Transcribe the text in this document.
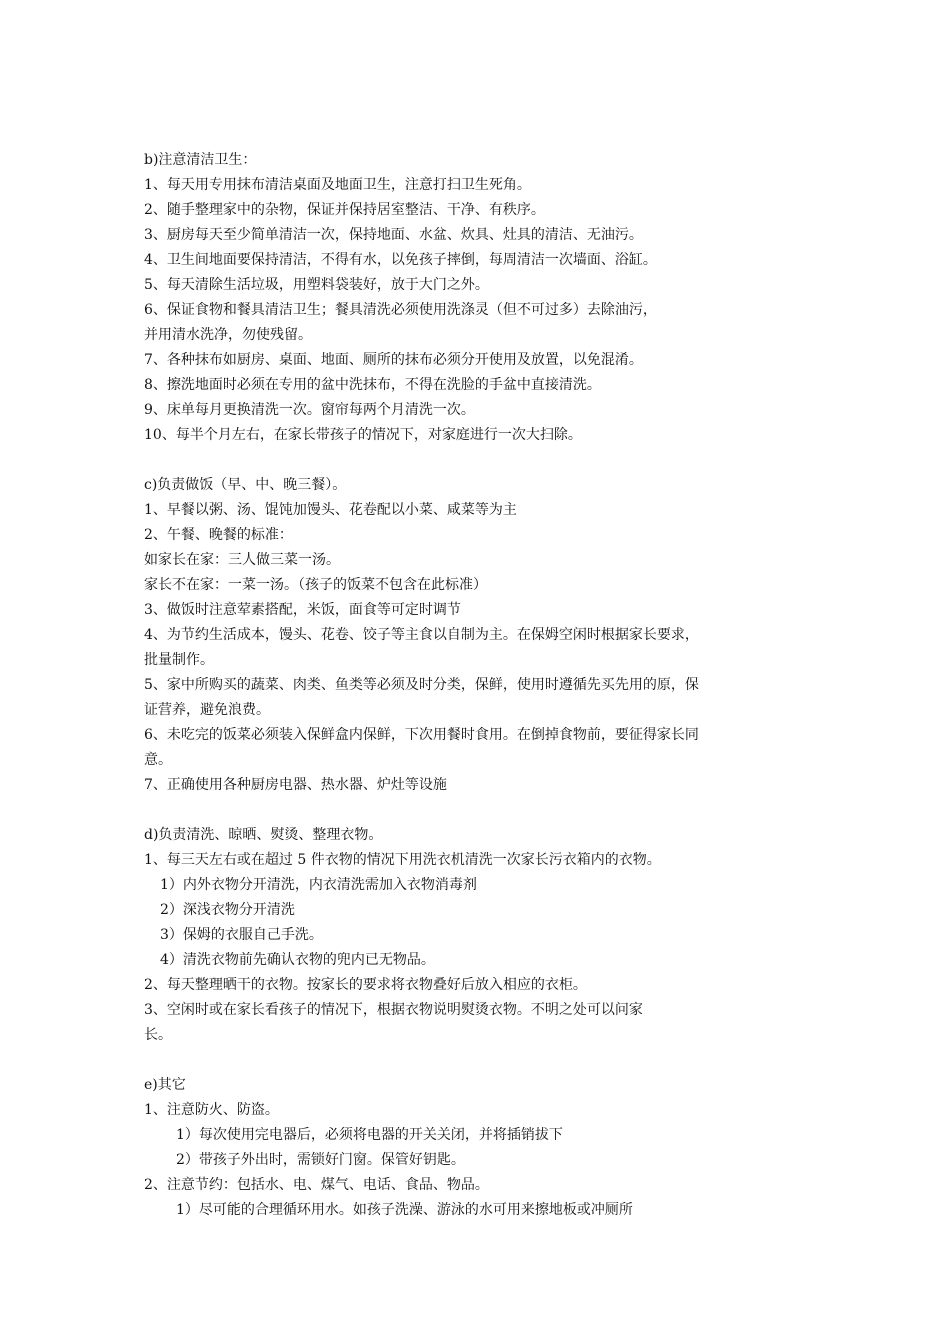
b)注意清洁卫生：
1、每天用专用抹布清洁桌面及地面卫生，注意打扫卫生死角。
2、随手整理家中的杂物，保证并保持居室整洁、干净、有秩序。
3、厨房每天至少简单清洁一次，保持地面、水盆、炊具、灶具的清洁、无油污。
4、卫生间地面要保持清洁，不得有水，以免孩子摔倒，每周清洁一次墙面、浴缸。
5、每天清除生活垃圾，用塑料袋装好，放于大门之外。
6、保证食物和餐具清洁卫生；餐具清洗必须使用洗涤灵（但不可过多）去除油污，
并用清水洗净，勿使残留。
7、各种抹布如厨房、桌面、地面、厕所的抹布必须分开使用及放置，以免混淆。
8、擦洗地面时必须在专用的盆中洗抹布，不得在洗脸的手盆中直接清洗。
9、床单每月更换清洗一次。窗帘每两个月清洗一次。
10、每半个月左右，在家长带孩子的情况下，对家庭进行一次大扫除。
c)负责做饭（早、中、晚三餐）。
1、早餐以粥、汤、馄饨加馒头、花卷配以小菜、咸菜等为主
2、午餐、晚餐的标准：
如家长在家：三人做三菜一汤。
家长不在家：一菜一汤。（孩子的饭菜不包含在此标准）
3、做饭时注意荤素搭配，米饭，面食等可定时调节
4、为节约生活成本，馒头、花卷、饺子等主食以自制为主。在保姆空闲时根据家长要求，
批量制作。
5、家中所购买的蔬菜、肉类、鱼类等必须及时分类，保鲜，使用时遵循先买先用的原，保
证营养，避免浪费。
6、未吃完的饭菜必须装入保鲜盒内保鲜，下次用餐时食用。在倒掉食物前，要征得家长同
意。
7、正确使用各种厨房电器、热水器、炉灶等设施
d)负责清洗、晾晒、熨烫、整理衣物。
1、每三天左右或在超过 5 件衣物的情况下用洗衣机清洗一次家长污衣箱内的衣物。
1）内外衣物分开清洗，内衣清洗需加入衣物消毒剂
2）深浅衣物分开清洗
3）保姆的衣服自己手洗。
4）清洗衣物前先确认衣物的兜内已无物品。
2、每天整理晒干的衣物。按家长的要求将衣物叠好后放入相应的衣柜。
3、空闲时或在家长看孩子的情况下，根据衣物说明熨烫衣物。不明之处可以问家
长。
e)其它
1、注意防火、防盗。
1）每次使用完电器后，必须将电器的开关关闭，并将插销拔下
2）带孩子外出时，需锁好门窗。保管好钥匙。
2、注意节约：包括水、电、煤气、电话、食品、物品。
1）尽可能的合理循环用水。如孩子洗澡、游泳的水可用来擦地板或冲厕所
